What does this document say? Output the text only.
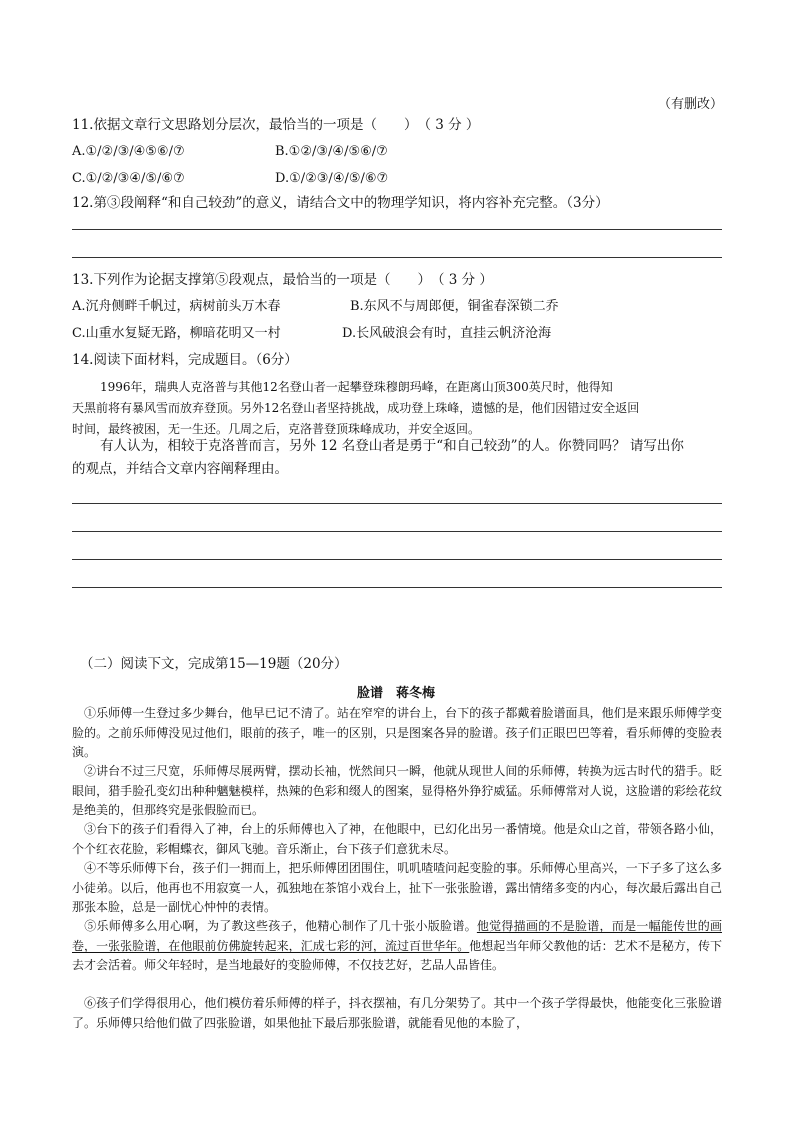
（有删改）
11.依据文章行文思路划分层次，最恰当的一项是（　　）　（ 3 分 ）
A.①/②/③/④⑤⑥/⑦	B.①②/③/④/⑤⑥/⑦
C.①/②/③④/⑤/⑥⑦	D.①/②③/④/⑤/⑥⑦
12.第③段阐释“和自己较劲”的意义，请结合文中的物理学知识，将内容补充完整。（3分）
13.下列作为论据支撑第⑤段观点，最恰当的一项是（　　）　（ 3 分 ）
A.沉舟侧畔千帆过，病树前头万木春	B.东风不与周郎便，铜雀春深锁二乔
C.山重水复疑无路，柳暗花明又一村	D.长风破浪会有时，直挂云帆济沧海
14.阅读下面材料，完成题目。（6分）
1996年，瑞典人克洛普与其他12名登山者一起攀登珠穆朗玛峰，在距离山顶300英尺时，他得知
天黑前将有暴风雪而放弃登顶。另外12名登山者坚持挑战，成功登上珠峰，遗憾的是，他们因错过安全返回
时间，最终被困，无一生还。几周之后，克洛普登顶珠峰成功，并安全返回。
有人认为，相较于克洛普而言，另外 12 名登山者是勇于“和自己较劲”的人。你赞同吗？ 请写出你
的观点，并结合文章内容阐释理由。
（二）阅读下文，完成第15—19题（20分）
脸谱　蒋冬梅
①乐师傅一生登过多少舞台，他早已记不清了。站在窄窄的讲台上，台下的孩子都戴着脸谱面具，他们是来跟乐师傅学变脸的。之前乐师傅没见过他们，眼前的孩子，唯一的区别，只是图案各异的脸谱。孩子们正眼巴巴等着，看乐师傅的变脸表演。
②讲台不过三尺宽，乐师傅尽展两臂，摆动长袖，恍然间只一瞬，他就从现世人间的乐师傅，转换为远古时代的猎手。眨眼间，猎手脸孔变幻出种种魑魅模样，热辣的色彩和缀人的图案，显得格外狰狞威猛。乐师傅常对人说，这脸谱的彩绘花纹是绝美的，但那终究是张假脸而已。
③台下的孩子们看得入了神，台上的乐师傅也入了神，在他眼中，已幻化出另一番情境。他是众山之首，带领各路小仙，个个红衣花脸，彩帽蝶衣，御风飞驰。音乐渐止，台下孩子们意犹未尽。
④不等乐师傅下台，孩子们一拥而上，把乐师傅团团围住，叽叽喳喳问起变脸的事。乐师傅心里高兴，一下子多了这么多小徒弟。以后，他再也不用寂寞一人，孤独地在茶馆小戏台上，扯下一张张脸谱，露出情绪多变的内心，每次最后露出自己那张本脸，总是一副忧心忡忡的表情。
⑤乐师傅多么用心啊，为了教这些孩子，他精心制作了几十张小版脸谱。他觉得描画的不是脸谱，而是一幅能传世的画卷，一张张脸谱，在他眼前仿佛旋转起来，汇成七彩的河，流过百世华年。他想起当年师父教他的话：艺术不是秘方，传下去才会活着。师父年轻时，是当地最好的变脸师傅，不仅技艺好，艺品人品皆佳。
⑥孩子们学得很用心，他们模仿着乐师傅的样子，抖衣摆袖，有几分架势了。其中一个孩子学得最快，他能变化三张脸谱了。乐师傅只给他们做了四张脸谱，如果他扯下最后那张脸谱，就能看见他的本脸了，
